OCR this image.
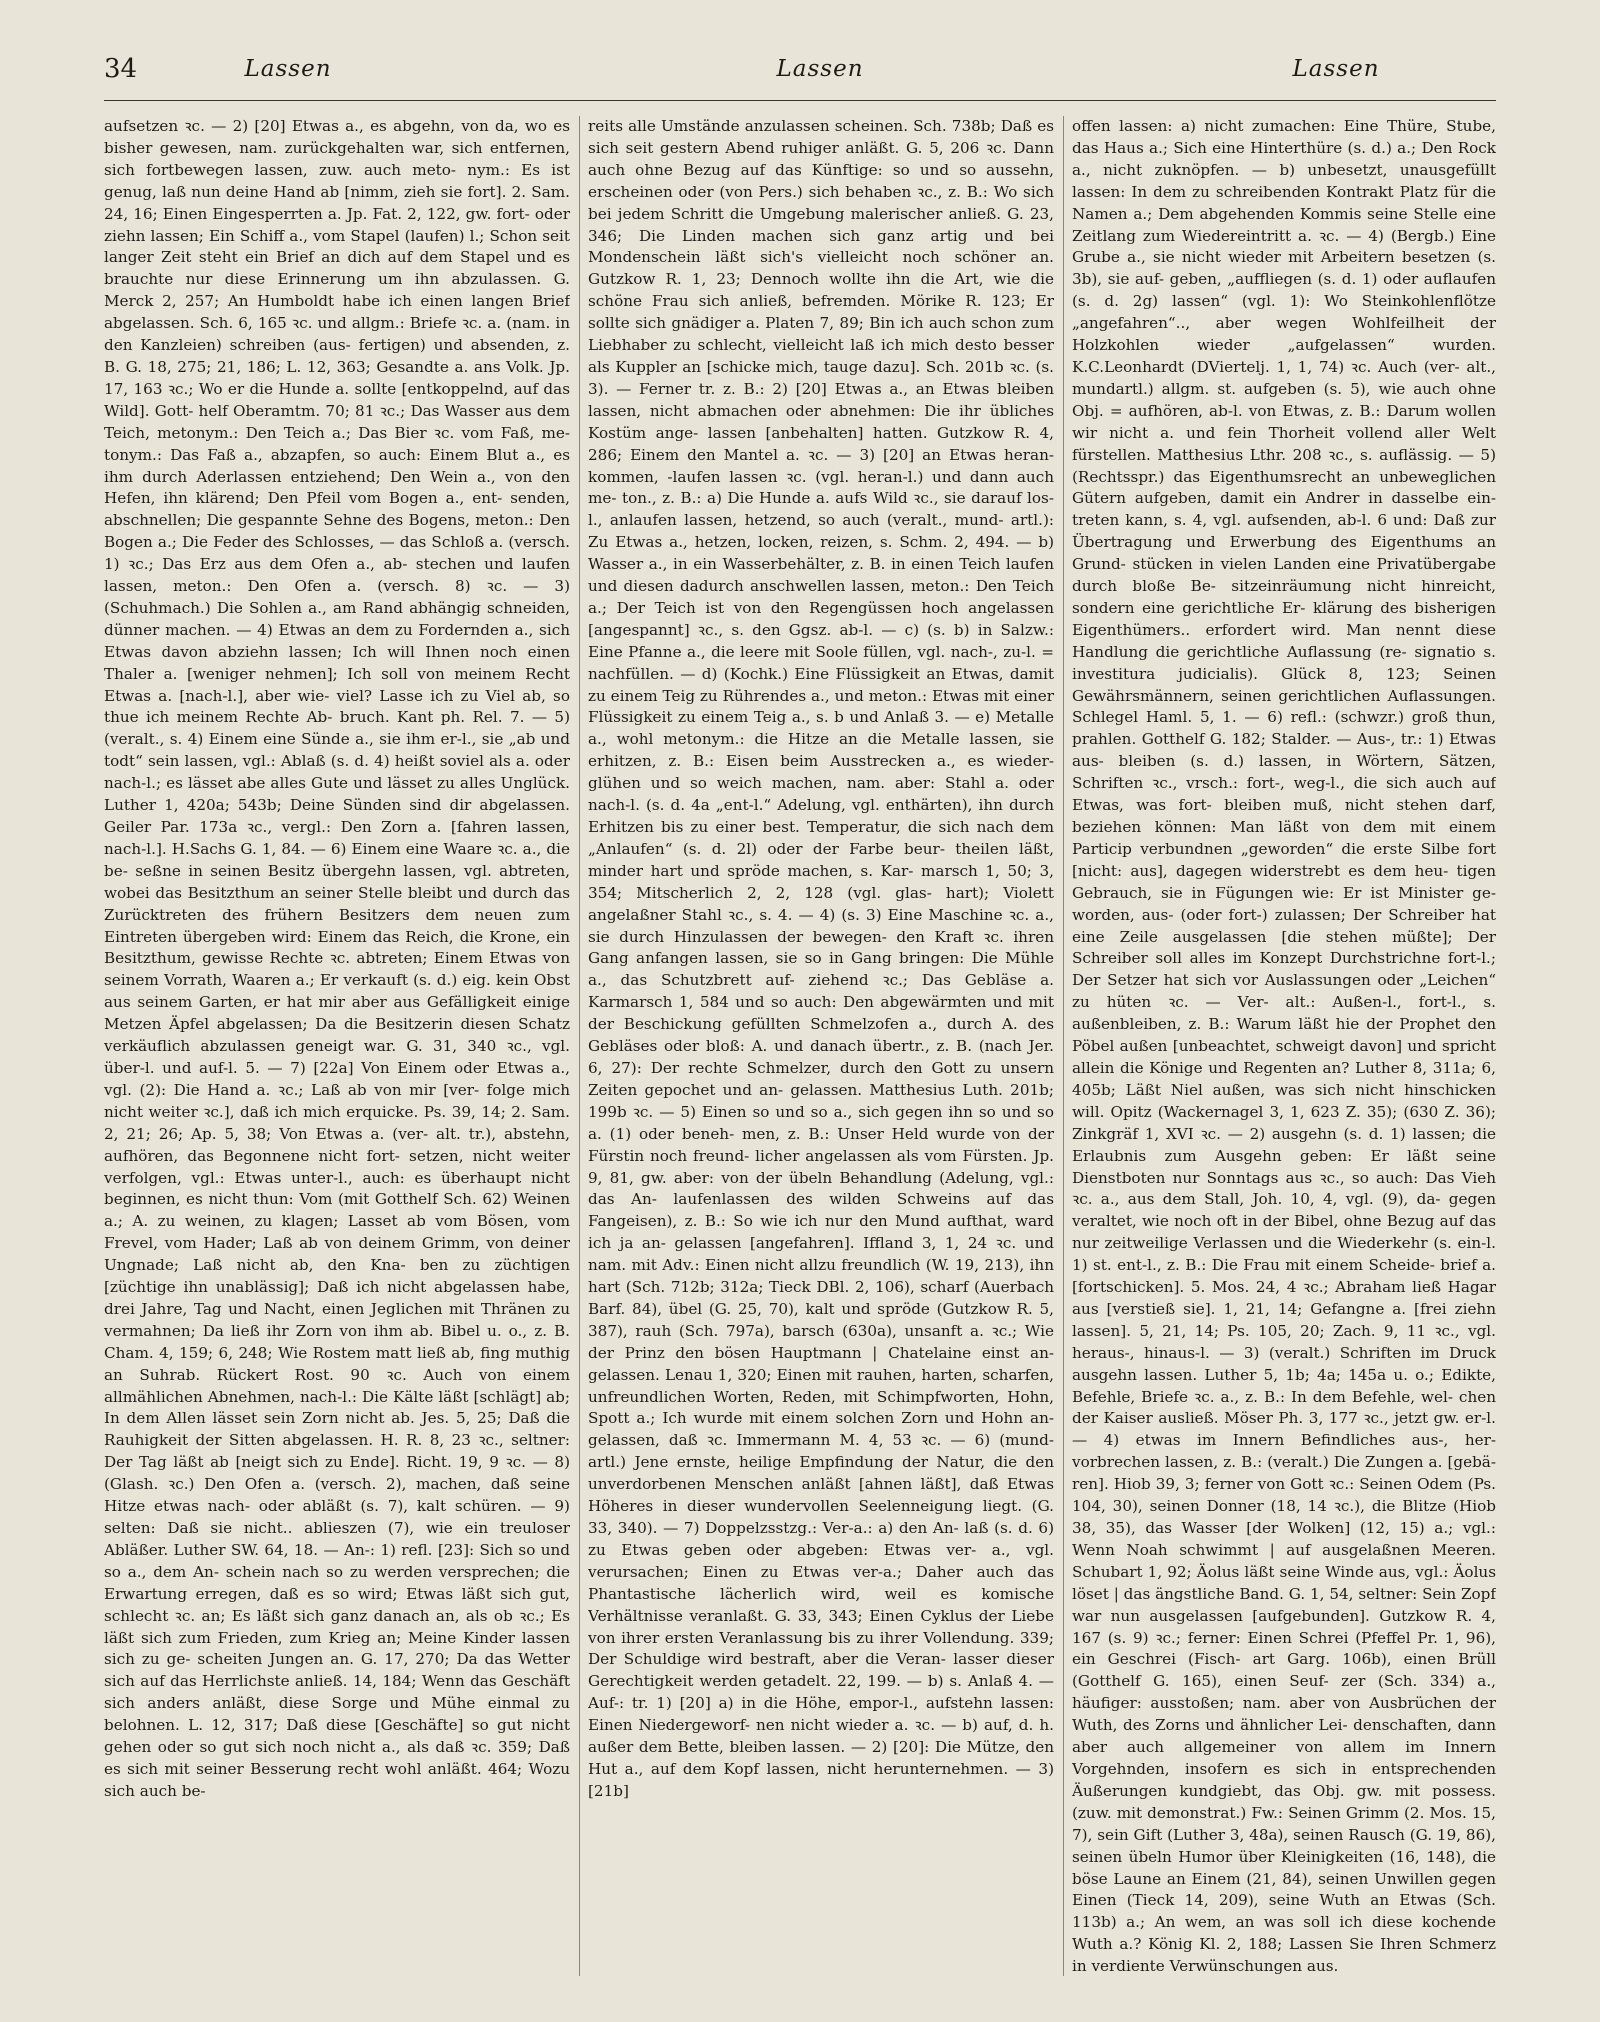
34	Lassen	Lassen	Lassen

aufsetzen ꝛc. — 2) [20] Etwas a., es abgehn, von da, wo es bisher gewesen, nam. zurückgehalten war, sich entfernen, sich fortbewegen lassen, zuw. auch meto- nym.: Es ist genug, laß nun deine Hand ab [nimm, zieh sie fort]. 2. Sam. 24, 16; Einen Eingesperrten a. Jp. Fat. 2, 122, gw. fort- oder ziehn lassen; Ein Schiff a., vom Stapel (laufen) l.; Schon seit langer Zeit steht ein Brief an dich auf dem Stapel und es brauchte nur diese Erinnerung um ihn abzulassen. G. Merck 2, 257; An Humboldt habe ich einen langen Brief abgelassen. Sch. 6, 165 ꝛc. und allgm.: Briefe ꝛc. a. (nam. in den Kanzleien) schreiben (aus- fertigen) und absenden, z. B. G. 18, 275; 21, 186; L. 12, 363; Gesandte a. ans Volk. Jp. 17, 163 ꝛc.; Wo er die Hunde a. sollte [entkoppelnd, auf das Wild]. Gott- helf Oberamtm. 70; 81 ꝛc.; Das Wasser aus dem Teich, metonym.: Den Teich a.; Das Bier ꝛc. vom Faß, me- tonym.: Das Faß a., abzapfen, so auch: Einem Blut a., es ihm durch Aderlassen entziehend; Den Wein a., von den Hefen, ihn klärend; Den Pfeil vom Bogen a., ent- senden, abschnellen; Die gespannte Sehne des Bogens, meton.: Den Bogen a.; Die Feder des Schlosses, — das Schloß a. (versch. 1) ꝛc.; Das Erz aus dem Ofen a., ab- stechen und laufen lassen, meton.: Den Ofen a. (versch. 8) ꝛc. — 3) (Schuhmach.) Die Sohlen a., am Rand abhängig schneiden, dünner machen. — 4) Etwas an dem zu Fordernden a., sich Etwas davon abziehn lassen; Ich will Ihnen noch einen Thaler a. [weniger nehmen]; Ich soll von meinem Recht Etwas a. [nach-l.], aber wie- viel? Lasse ich zu Viel ab, so thue ich meinem Rechte Ab- bruch. Kant ph. Rel. 7. — 5) (veralt., s. 4) Einem eine Sünde a., sie ihm er-l., sie „ab und todt“ sein lassen, vgl.: Ablaß (s. d. 4) heißt soviel als a. oder nach-l.; es lässet abe alles Gute und lässet zu alles Unglück. Luther 1, 420a; 543b; Deine Sünden sind dir abgelassen. Geiler Par. 173a ꝛc., vergl.: Den Zorn a. [fahren lassen, nach-l.]. H.Sachs G. 1, 84. — 6) Einem eine Waare ꝛc. a., die be- seßne in seinen Besitz übergehn lassen, vgl. abtreten, wobei das Besitzthum an seiner Stelle bleibt und durch das Zurücktreten des frühern Besitzers dem neuen zum Eintreten übergeben wird: Einem das Reich, die Krone, ein Besitzthum, gewisse Rechte ꝛc. abtreten; Einem Etwas von seinem Vorrath, Waaren a.; Er verkauft (s. d.) eig. kein Obst aus seinem Garten, er hat mir aber aus Gefälligkeit einige Metzen Äpfel abgelassen; Da die Besitzerin diesen Schatz verkäuflich abzulassen geneigt war. G. 31, 340 ꝛc., vgl. über-l. und auf-l. 5. — 7) [22a] Von Einem oder Etwas a., vgl. (2): Die Hand a. ꝛc.; Laß ab von mir [ver- folge mich nicht weiter ꝛc.], daß ich mich erquicke. Ps. 39, 14; 2. Sam. 2, 21; 26; Ap. 5, 38; Von Etwas a. (ver- alt. tr.), abstehn, aufhören, das Begonnene nicht fort- setzen, nicht weiter verfolgen, vgl.: Etwas unter-l., auch: es überhaupt nicht beginnen, es nicht thun: Vom (mit Gotthelf Sch. 62) Weinen a.; A. zu weinen, zu klagen; Lasset ab vom Bösen, vom Frevel, vom Hader; Laß ab von deinem Grimm, von deiner Ungnade; Laß nicht ab, den Kna- ben zu züchtigen [züchtige ihn unablässig]; Daß ich nicht abgelassen habe, drei Jahre, Tag und Nacht, einen Jeglichen mit Thränen zu vermahnen; Da ließ ihr Zorn von ihm ab. Bibel u. o., z. B. Cham. 4, 159; 6, 248; Wie Rostem matt ließ ab, fing muthig an Suhrab. Rückert Rost. 90 ꝛc. Auch von einem allmählichen Abnehmen, nach-l.: Die Kälte läßt [schlägt] ab; In dem Allen lässet sein Zorn nicht ab. Jes. 5, 25; Daß die Rauhigkeit der Sitten abgelassen. H. R. 8, 23 ꝛc., seltner: Der Tag läßt ab [neigt sich zu Ende]. Richt. 19, 9 ꝛc. — 8) (Glash. ꝛc.) Den Ofen a. (versch. 2), machen, daß seine Hitze etwas nach- oder abläßt (s. 7), kalt schüren. — 9) selten: Daß sie nicht.. ablieszen (7), wie ein treuloser Abläßer. Luther SW. 64, 18. — An-: 1) refl. [23]: Sich so und so a., dem An- schein nach so zu werden versprechen; die Erwartung erregen, daß es so wird; Etwas läßt sich gut, schlecht ꝛc. an; Es läßt sich ganz danach an, als ob ꝛc.; Es läßt sich zum Frieden, zum Krieg an; Meine Kinder lassen sich zu ge- scheiten Jungen an. G. 17, 270; Da das Wetter sich auf das Herrlichste anließ. 14, 184; Wenn das Geschäft sich anders anläßt, diese Sorge und Mühe einmal zu belohnen. L. 12, 317; Daß diese [Geschäfte] so gut nicht gehen oder so gut sich noch nicht a., als daß ꝛc. 359; Daß es sich mit seiner Besserung recht wohl anläßt. 464; Wozu sich auch be-

reits alle Umstände anzulassen scheinen. Sch. 738b; Daß es sich seit gestern Abend ruhiger anläßt. G. 5, 206 ꝛc. Dann auch ohne Bezug auf das Künftige: so und so aussehn, erscheinen oder (von Pers.) sich behaben ꝛc., z. B.: Wo sich bei jedem Schritt die Umgebung malerischer anließ. G. 23, 346; Die Linden machen sich ganz artig und bei Mondenschein läßt sich's vielleicht noch schöner an. Gutzkow R. 1, 23; Dennoch wollte ihn die Art, wie die schöne Frau sich anließ, befremden. Mörike R. 123; Er sollte sich gnädiger a. Platen 7, 89; Bin ich auch schon zum Liebhaber zu schlecht, vielleicht laß ich mich desto besser als Kuppler an [schicke mich, tauge dazu]. Sch. 201b ꝛc. (s. 3). — Ferner tr. z. B.: 2) [20] Etwas a., an Etwas bleiben lassen, nicht abmachen oder abnehmen: Die ihr übliches Kostüm ange- lassen [anbehalten] hatten. Gutzkow R. 4, 286; Einem den Mantel a. ꝛc. — 3) [20] an Etwas heran-kommen, -laufen lassen ꝛc. (vgl. heran-l.) und dann auch me- ton., z. B.: a) Die Hunde a. aufs Wild ꝛc., sie darauf los-l., anlaufen lassen, hetzend, so auch (veralt., mund- artl.): Zu Etwas a., hetzen, locken, reizen, s. Schm. 2, 494. — b) Wasser a., in ein Wasserbehälter, z. B. in einen Teich laufen und diesen dadurch anschwellen lassen, meton.: Den Teich a.; Der Teich ist von den Regengüssen hoch angelassen [angespannt] ꝛc., s. den Ggsz. ab-l. — c) (s. b) in Salzw.: Eine Pfanne a., die leere mit Soole füllen, vgl. nach-, zu-l. = nachfüllen. — d) (Kochk.) Eine Flüssigkeit an Etwas, damit zu einem Teig zu Rührendes a., und meton.: Etwas mit einer Flüssigkeit zu einem Teig a., s. b und Anlaß 3. — e) Metalle a., wohl metonym.: die Hitze an die Metalle lassen, sie erhitzen, z. B.: Eisen beim Ausstrecken a., es wieder- glühen und so weich machen, nam. aber: Stahl a. oder nach-l. (s. d. 4a „ent-l.“ Adelung, vgl. enthärten), ihn durch Erhitzen bis zu einer best. Temperatur, die sich nach dem „Anlaufen“ (s. d. 2l) oder der Farbe beur- theilen läßt, minder hart und spröde machen, s. Kar- marsch 1, 50; 3, 354; Mitscherlich 2, 2, 128 (vgl. glas- hart); Violett angelaßner Stahl ꝛc., s. 4. — 4) (s. 3) Eine Maschine ꝛc. a., sie durch Hinzulassen der bewegen- den Kraft ꝛc. ihren Gang anfangen lassen, sie so in Gang bringen: Die Mühle a., das Schutzbrett auf- ziehend ꝛc.; Das Gebläse a. Karmarsch 1, 584 und so auch: Den abgewärmten und mit der Beschickung gefüllten Schmelzofen a., durch A. des Gebläses oder bloß: A. und danach übertr., z. B. (nach Jer. 6, 27): Der rechte Schmelzer, durch den Gott zu unsern Zeiten gepochet und an- gelassen. Matthesius Luth. 201b; 199b ꝛc. — 5) Einen so und so a., sich gegen ihn so und so a. (1) oder beneh- men, z. B.: Unser Held wurde von der Fürstin noch freund- licher angelassen als vom Fürsten. Jp. 9, 81, gw. aber: von der übeln Behandlung (Adelung, vgl.: das An- laufenlassen des wilden Schweins auf das Fangeisen), z. B.: So wie ich nur den Mund aufthat, ward ich ja an- gelassen [angefahren]. Iffland 3, 1, 24 ꝛc. und nam. mit Adv.: Einen nicht allzu freundlich (W. 19, 213), ihn hart (Sch. 712b; 312a; Tieck DBl. 2, 106), scharf (Auerbach Barf. 84), übel (G. 25, 70), kalt und spröde (Gutzkow R. 5, 387), rauh (Sch. 797a), barsch (630a), unsanft a. ꝛc.; Wie der Prinz den bösen Hauptmann | Chatelaine einst an- gelassen. Lenau 1, 320; Einen mit rauhen, harten, scharfen, unfreundlichen Worten, Reden, mit Schimpfworten, Hohn, Spott a.; Ich wurde mit einem solchen Zorn und Hohn an- gelassen, daß ꝛc. Immermann M. 4, 53 ꝛc. — 6) (mund- artl.) Jene ernste, heilige Empfindung der Natur, die den unverdorbenen Menschen anläßt [ahnen läßt], daß Etwas Höheres in dieser wundervollen Seelenneigung liegt. (G. 33, 340). — 7) Doppelzsstzg.: Ver-a.: a) den An- laß (s. d. 6) zu Etwas geben oder abgeben: Etwas ver- a., vgl. verursachen; Einen zu Etwas ver-a.; Daher auch das Phantastische lächerlich wird, weil es komische Verhältnisse veranlaßt. G. 33, 343; Einen Cyklus der Liebe von ihrer ersten Veranlassung bis zu ihrer Vollendung. 339; Der Schuldige wird bestraft, aber die Veran- lasser dieser Gerechtigkeit werden getadelt. 22, 199. — b) s. Anlaß 4. — Auf-: tr. 1) [20] a) in die Höhe, empor-l., aufstehn lassen: Einen Niedergeworf- nen nicht wieder a. ꝛc. — b) auf, d. h. außer dem Bette, bleiben lassen. — 2) [20]: Die Mütze, den Hut a., auf dem Kopf lassen, nicht herunternehmen. — 3) [21b]

offen lassen: a) nicht zumachen: Eine Thüre, Stube, das Haus a.; Sich eine Hinterthüre (s. d.) a.; Den Rock a., nicht zuknöpfen. — b) unbesetzt, unausgefüllt lassen: In dem zu schreibenden Kontrakt Platz für die Namen a.; Dem abgehenden Kommis seine Stelle eine Zeitlang zum Wiedereintritt a. ꝛc. — 4) (Bergb.) Eine Grube a., sie nicht wieder mit Arbeitern besetzen (s. 3b), sie auf- geben, „auffliegen (s. d. 1) oder auflaufen (s. d. 2g) lassen“ (vgl. 1): Wo Steinkohlenflötze „angefahren“.., aber wegen Wohlfeilheit der Holzkohlen wieder „aufgelassen“ wurden. K.C.Leonhardt (DViertelj. 1, 1, 74) ꝛc. Auch (ver- alt., mundartl.) allgm. st. aufgeben (s. 5), wie auch ohne Obj. = aufhören, ab-l. von Etwas, z. B.: Darum wollen wir nicht a. und fein Thorheit vollend aller Welt fürstellen. Matthesius Lthr. 208 ꝛc., s. auflässig. — 5) (Rechtsspr.) das Eigenthumsrecht an unbeweglichen Gütern aufgeben, damit ein Andrer in dasselbe ein- treten kann, s. 4, vgl. aufsenden, ab-l. 6 und: Daß zur Übertragung und Erwerbung des Eigenthums an Grund- stücken in vielen Landen eine Privatübergabe durch bloße Be- sitzeinräumung nicht hinreicht, sondern eine gerichtliche Er- klärung des bisherigen Eigenthümers.. erfordert wird. Man nennt diese Handlung die gerichtliche Auflassung (re- signatio s. investitura judicialis). Glück 8, 123; Seinen Gewährsmännern, seinen gerichtlichen Auflassungen. Schlegel Haml. 5, 1. — 6) refl.: (schwzr.) groß thun, prahlen. Gotthelf G. 182; Stalder. — Aus-, tr.: 1) Etwas aus- bleiben (s. d.) lassen, in Wörtern, Sätzen, Schriften ꝛc., vrsch.: fort-, weg-l., die sich auch auf Etwas, was fort- bleiben muß, nicht stehen darf, beziehen können: Man läßt von dem mit einem Particip verbundnen „geworden“ die erste Silbe fort [nicht: aus], dagegen widerstrebt es dem heu- tigen Gebrauch, sie in Fügungen wie: Er ist Minister ge- worden, aus- (oder fort-) zulassen; Der Schreiber hat eine Zeile ausgelassen [die stehen müßte]; Der Schreiber soll alles im Konzept Durchstrichne fort-l.; Der Setzer hat sich vor Auslassungen oder „Leichen“ zu hüten ꝛc. — Ver- alt.: Außen-l., fort-l., s. außenbleiben, z. B.: Warum läßt hie der Prophet den Pöbel außen [unbeachtet, schweigt davon] und spricht allein die Könige und Regenten an? Luther 8, 311a; 6, 405b; Läßt Niel außen, was sich nicht hinschicken will. Opitz (Wackernagel 3, 1, 623 Z. 35); (630 Z. 36); Zinkgräf 1, XVI ꝛc. — 2) ausgehn (s. d. 1) lassen; die Erlaubnis zum Ausgehn geben: Er läßt seine Dienstboten nur Sonntags aus ꝛc., so auch: Das Vieh ꝛc. a., aus dem Stall, Joh. 10, 4, vgl. (9), da- gegen veraltet, wie noch oft in der Bibel, ohne Bezug auf das nur zeitweilige Verlassen und die Wiederkehr (s. ein-l. 1) st. ent-l., z. B.: Die Frau mit einem Scheide- brief a. [fortschicken]. 5. Mos. 24, 4 ꝛc.; Abraham ließ Hagar aus [verstieß sie]. 1, 21, 14; Gefangne a. [frei ziehn lassen]. 5, 21, 14; Ps. 105, 20; Zach. 9, 11 ꝛc., vgl. heraus-, hinaus-l. — 3) (veralt.) Schriften im Druck ausgehn lassen. Luther 5, 1b; 4a; 145a u. o.; Edikte, Befehle, Briefe ꝛc. a., z. B.: In dem Befehle, wel- chen der Kaiser ausließ. Möser Ph. 3, 177 ꝛc., jetzt gw. er-l. — 4) etwas im Innern Befindliches aus-, her- vorbrechen lassen, z. B.: (veralt.) Die Zungen a. [gebä- ren]. Hiob 39, 3; ferner von Gott ꝛc.: Seinen Odem (Ps. 104, 30), seinen Donner (18, 14 ꝛc.), die Blitze (Hiob 38, 35), das Wasser [der Wolken] (12, 15) a.; vgl.: Wenn Noah schwimmt | auf ausgelaßnen Meeren. Schubart 1, 92; Äolus läßt seine Winde aus, vgl.: Äolus löset | das ängstliche Band. G. 1, 54, seltner: Sein Zopf war nun ausgelassen [aufgebunden]. Gutzkow R. 4, 167 (s. 9) ꝛc.; ferner: Einen Schrei (Pfeffel Pr. 1, 96), ein Geschrei (Fisch- art Garg. 106b), einen Brüll (Gotthelf G. 165), einen Seuf- zer (Sch. 334) a., häufiger: ausstoßen; nam. aber von Ausbrüchen der Wuth, des Zorns und ähnlicher Lei- denschaften, dann aber auch allgemeiner von allem im Innern Vorgehnden, insofern es sich in entsprechenden Äußerungen kundgiebt, das Obj. gw. mit possess. (zuw. mit demonstrat.) Fw.: Seinen Grimm (2. Mos. 15, 7), sein Gift (Luther 3, 48a), seinen Rausch (G. 19, 86), seinen übeln Humor über Kleinigkeiten (16, 148), die böse Laune an Einem (21, 84), seinen Unwillen gegen Einen (Tieck 14, 209), seine Wuth an Etwas (Sch. 113b) a.; An wem, an was soll ich diese kochende Wuth a.? König Kl. 2, 188; Lassen Sie Ihren Schmerz in verdiente Verwünschungen aus.
